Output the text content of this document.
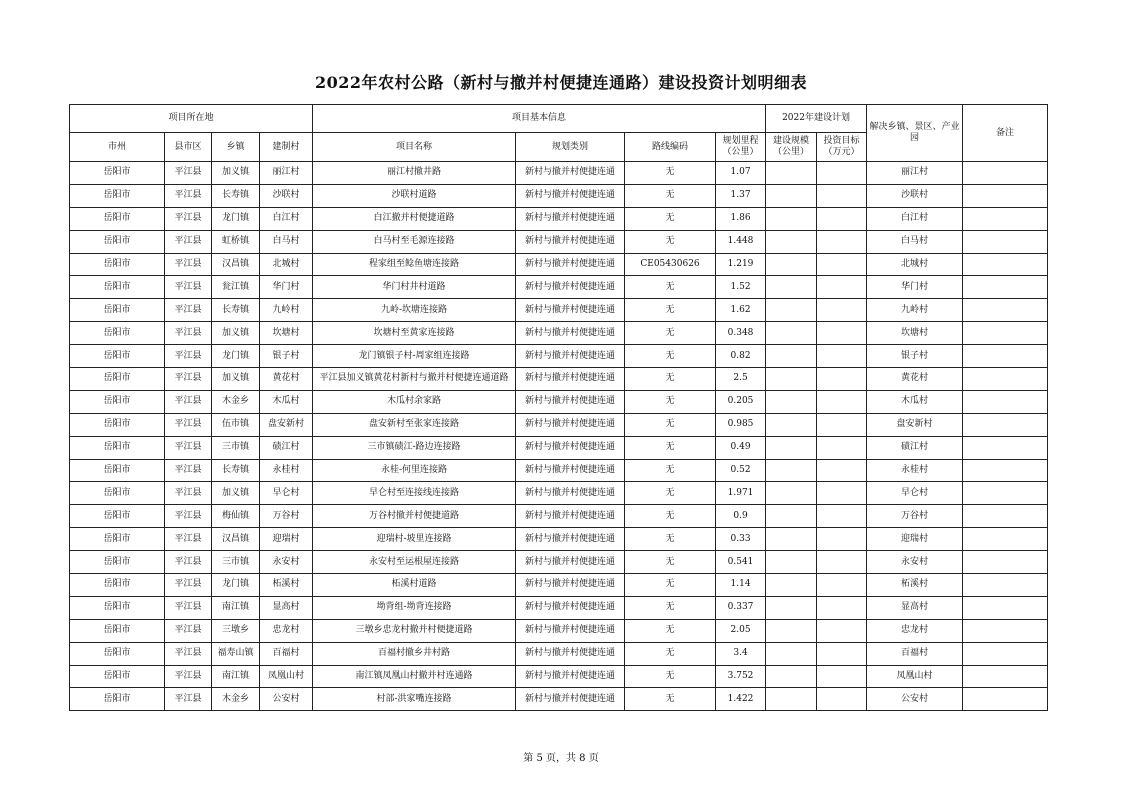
2022年农村公路（新村与撤并村便捷连通路）建设投资计划明细表
项目所在地				项目基本信息				2022年建设计划		解决乡镇、景区、产业园	备注
市州	县市区	乡镇	建制村	项目名称	规划类别	路线编码	规划里程（公里）	建设规模（公里）	投资目标（万元）		
岳阳市	平江县	加义镇	丽江村	丽江村撤井路	新村与撤并村便捷连通	无	1.07			丽江村	
岳阳市	平江县	长寿镇	沙联村	沙联村道路	新村与撤并村便捷连通	无	1.37			沙联村	
岳阳市	平江县	龙门镇	白江村	白江撤并村便捷道路	新村与撤并村便捷连通	无	1.86			白江村	
岳阳市	平江县	虹桥镇	白马村	白马村至毛源连接路	新村与撤并村便捷连通	无	1.448			白马村	
岳阳市	平江县	汉昌镇	北城村	程家组至鲶鱼塘连接路	新村与撤并村便捷连通	CE05430626	1.219			北城村	
岳阳市	平江县	瓮江镇	华门村	华门村井村道路	新村与撤并村便捷连通	无	1.52			华门村	
岳阳市	平江县	长寿镇	九岭村	九岭-坎塘连接路	新村与撤并村便捷连通	无	1.62			九岭村	
岳阳市	平江县	加义镇	坎塘村	坎塘村至黄家连接路	新村与撤并村便捷连通	无	0.348			坎塘村	
岳阳市	平江县	龙门镇	银子村	龙门镇银子村-周家组连接路	新村与撤并村便捷连通	无	0.82			银子村	
岳阳市	平江县	加义镇	黄花村	平江县加义镇黄花村新村与撤并村便捷连通道路	新村与撤并村便捷连通	无	2.5			黄花村	
岳阳市	平江县	木金乡	木瓜村	木瓜村余家路	新村与撤并村便捷连通	无	0.205			木瓜村	
岳阳市	平江县	伍市镇	盘安新村	盘安新村至张家连接路	新村与撤并村便捷连通	无	0.985			盘安新村	
岳阳市	平江县	三市镇	碛江村	三市镇碛江-路边连接路	新村与撤并村便捷连通	无	0.49			碛江村	
岳阳市	平江县	长寿镇	永桂村	永桂-何里连接路	新村与撤并村便捷连通	无	0.52			永桂村	
岳阳市	平江县	加义镇	早仑村	早仑村至连接线连接路	新村与撤并村便捷连通	无	1.971			早仑村	
岳阳市	平江县	梅仙镇	万谷村	万谷村撤并村便捷道路	新村与撤并村便捷连通	无	0.9			万谷村	
岳阳市	平江县	汉昌镇	迎瑞村	迎瑞村-坡里连接路	新村与撤并村便捷连通	无	0.33			迎瑞村	
岳阳市	平江县	三市镇	永安村	永安村至运根屋连接路	新村与撤并村便捷连通	无	0.541			永安村	
岳阳市	平江县	龙门镇	柘溪村	柘溪村道路	新村与撤并村便捷连通	无	1.14			柘溪村	
岳阳市	平江县	南江镇	显高村	坳背组-坳背连接路	新村与撤并村便捷连通	无	0.337			显高村	
岳阳市	平江县	三墩乡	忠龙村	三墩乡忠龙村撤并村便捷道路	新村与撤并村便捷连通	无	2.05			忠龙村	
岳阳市	平江县	福寿山镇	百福村	百福村撤乡井村路	新村与撤并村便捷连通	无	3.4			百福村	
岳阳市	平江县	南江镇	凤凰山村	南江镇凤凰山村撤并村连通路	新村与撤并村便捷连通	无	3.752			凤凰山村	
岳阳市	平江县	木金乡	公安村	村部-洪家嘴连接路	新村与撤并村便捷连通	无	1.422			公安村	
第 5 页，共 8 页
